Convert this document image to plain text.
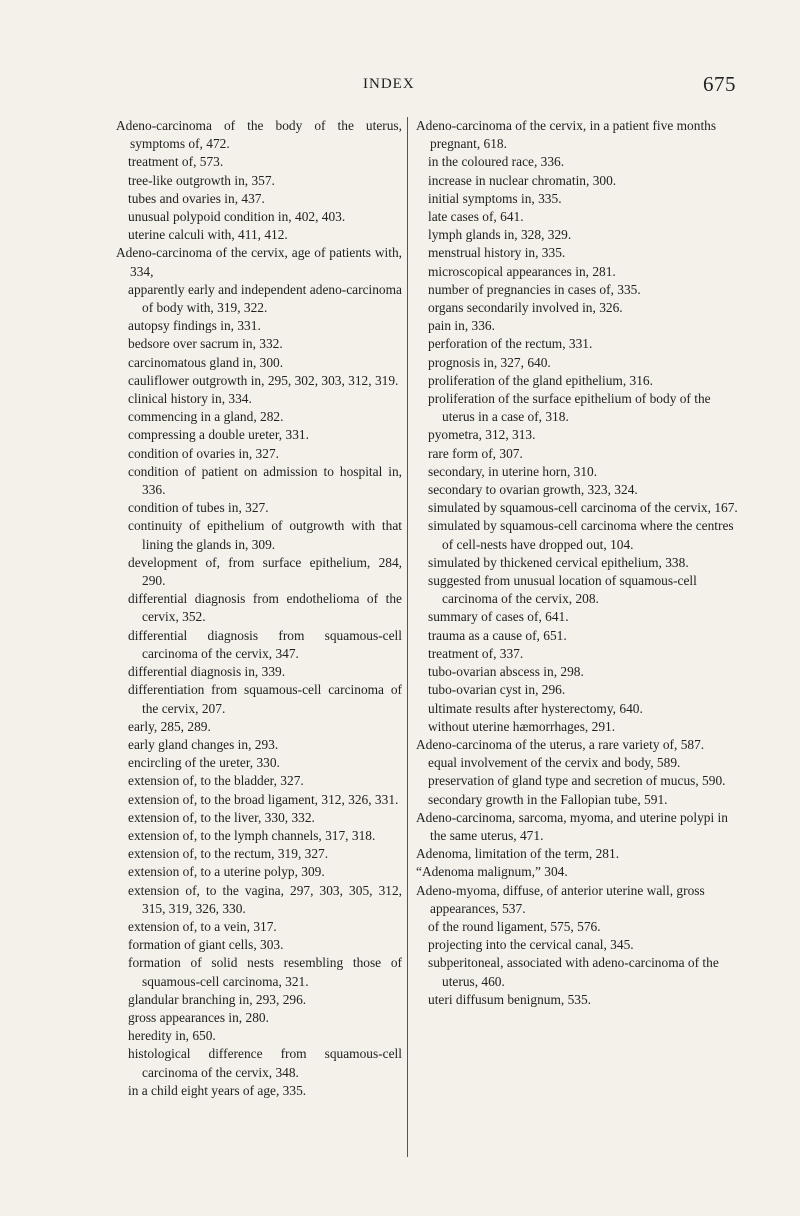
INDEX	675

Adeno-carcinoma of the body of the uterus, symptoms of, 472.

treatment of, 573.

tree-like outgrowth in, 357.

tubes and ovaries in, 437.

unusual polypoid condition in, 402, 403.

uterine calculi with, 411, 412.

Adeno-carcinoma of the cervix, age of patients with, 334,

apparently early and independent adeno-carcinoma of body with, 319, 322.

autopsy findings in, 331.

bedsore over sacrum in, 332.

carcinomatous gland in, 300.

cauliflower outgrowth in, 295, 302, 303, 312, 319.

clinical history in, 334.

commencing in a gland, 282.

compressing a double ureter, 331.

condition of ovaries in, 327.

condition of patient on admission to hospital in, 336.

condition of tubes in, 327.

continuity of epithelium of outgrowth with that lining the glands in, 309.

development of, from surface epithelium, 284, 290.

differential diagnosis from endothelioma of the cervix, 352.

differential diagnosis from squamous-cell carcinoma of the cervix, 347.

differential diagnosis in, 339.

differentiation from squamous-cell carcinoma of the cervix, 207.

early, 285, 289.

early gland changes in, 293.

encircling of the ureter, 330.

extension of, to the bladder, 327.

extension of, to the broad ligament, 312, 326, 331.

extension of, to the liver, 330, 332.

extension of, to the lymph channels, 317, 318.

extension of, to the rectum, 319, 327.

extension of, to a uterine polyp, 309.

extension of, to the vagina, 297, 303, 305, 312, 315, 319, 326, 330.

extension of, to a vein, 317.

formation of giant cells, 303.

formation of solid nests resembling those of squamous-cell carcinoma, 321.

glandular branching in, 293, 296.

gross appearances in, 280.

heredity in, 650.

histological difference from squamous-cell carcinoma of the cervix, 348.

in a child eight years of age, 335.

Adeno-carcinoma of the cervix, in a patient five months pregnant, 618.

in the coloured race, 336.

increase in nuclear chromatin, 300.

initial symptoms in, 335.

late cases of, 641.

lymph glands in, 328, 329.

menstrual history in, 335.

microscopical appearances in, 281.

number of pregnancies in cases of, 335.

organs secondarily involved in, 326.

pain in, 336.

perforation of the rectum, 331.

prognosis in, 327, 640.

proliferation of the gland epithelium, 316.

proliferation of the surface epithelium of body of the uterus in a case of, 318.

pyometra, 312, 313.

rare form of, 307.

secondary, in uterine horn, 310.

secondary to ovarian growth, 323, 324.

simulated by squamous-cell carcinoma of the cervix, 167.

simulated by squamous-cell carcinoma where the centres of cell-nests have dropped out, 104.

simulated by thickened cervical epithelium, 338.

suggested from unusual location of squamous-cell carcinoma of the cervix, 208.

summary of cases of, 641.

trauma as a cause of, 651.

treatment of, 337.

tubo-ovarian abscess in, 298.

tubo-ovarian cyst in, 296.

ultimate results after hysterectomy, 640.

without uterine hæmorrhages, 291.

Adeno-carcinoma of the uterus, a rare variety of, 587.

equal involvement of the cervix and body, 589.

preservation of gland type and secretion of mucus, 590.

secondary growth in the Fallopian tube, 591.

Adeno-carcinoma, sarcoma, myoma, and uterine polypi in the same uterus, 471.

Adenoma, limitation of the term, 281.

“Adenoma malignum,” 304.

Adeno-myoma, diffuse, of anterior uterine wall, gross appearances, 537.

of the round ligament, 575, 576.

projecting into the cervical canal, 345.

subperitoneal, associated with adeno-carcinoma of the uterus, 460.

uteri diffusum benignum, 535.
